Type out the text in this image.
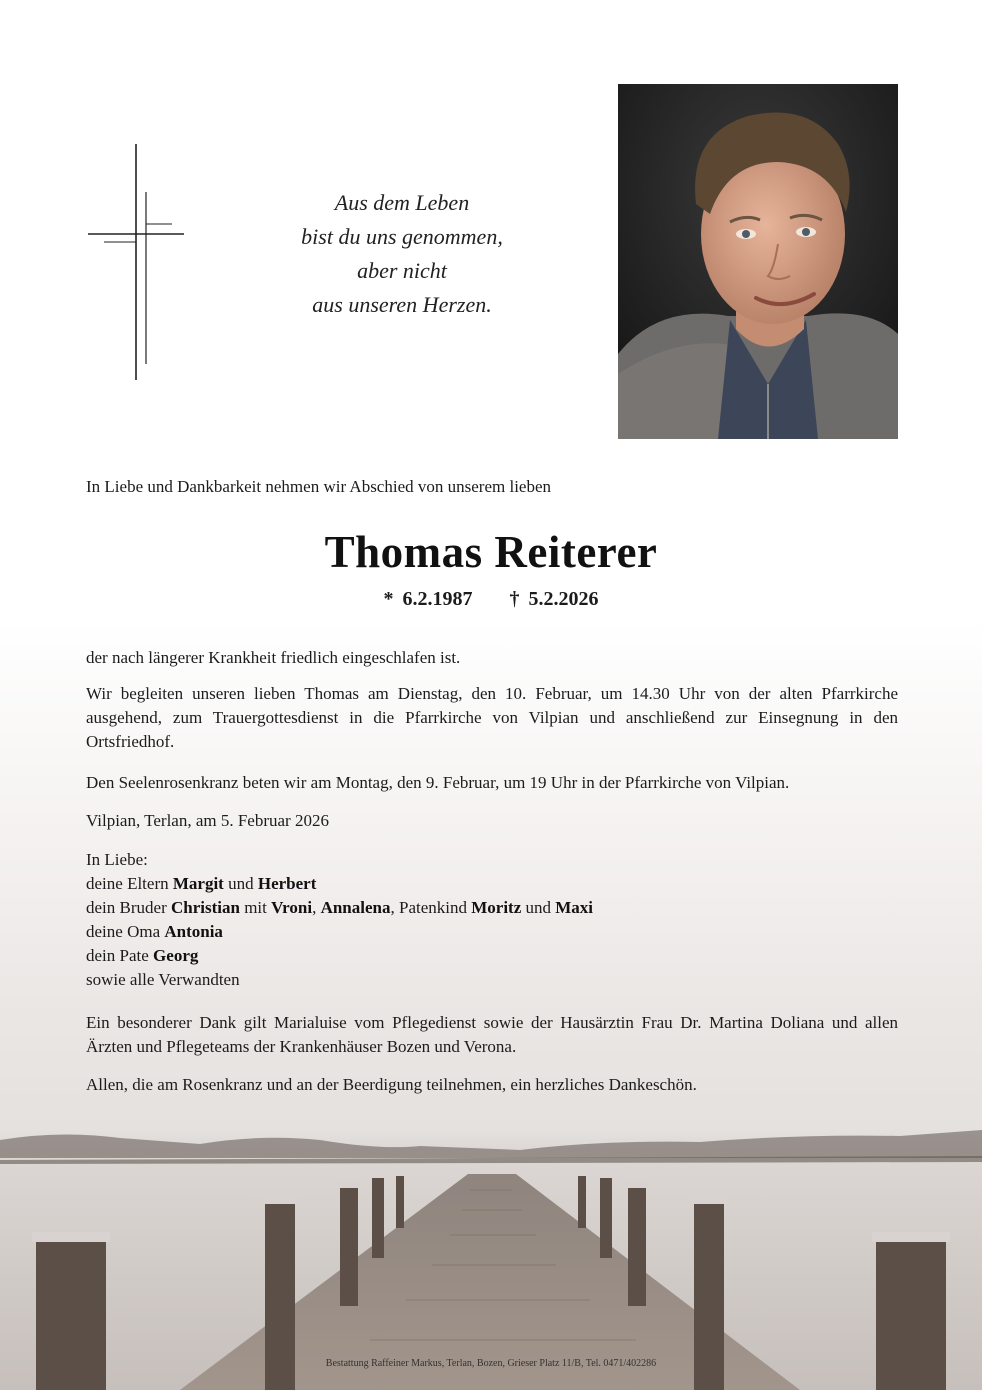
Aus dem Leben
bist du uns genommen,
aber nicht
aus unseren Herzen.
In Liebe und Dankbarkeit nehmen wir Abschied von unserem lieben
Thomas Reiterer
* 6.2.1987 † 5.2.2026
der nach längerer Krankheit friedlich eingeschlafen ist.
Wir begleiten unseren lieben Thomas am Dienstag, den 10. Februar, um 14.30 Uhr von der alten Pfarrkirche ausgehend, zum Trauergottesdienst in die Pfarrkirche von Vilpian und anschließend zur Einsegnung in den Ortsfriedhof.
Den Seelenrosenkranz beten wir am Montag, den 9. Februar, um 19 Uhr in der Pfarrkirche von Vilpian.
Vilpian, Terlan, am 5. Februar 2026
In Liebe:
deine Eltern Margit und Herbert
dein Bruder Christian mit Vroni, Annalena, Patenkind Moritz und Maxi
deine Oma Antonia
dein Pate Georg
sowie alle Verwandten
Ein besonderer Dank gilt Marialuise vom Pflegedienst sowie der Hausärztin Frau Dr. Martina Doliana und allen Ärzten und Pflegeteams der Krankenhäuser Bozen und Verona.
Allen, die am Rosenkranz und an der Beerdigung teilnehmen, ein herzliches Dankeschön.
Bestattung Raffeiner Markus, Terlan, Bozen, Grieser Platz 11/B, Tel. 0471/402286
